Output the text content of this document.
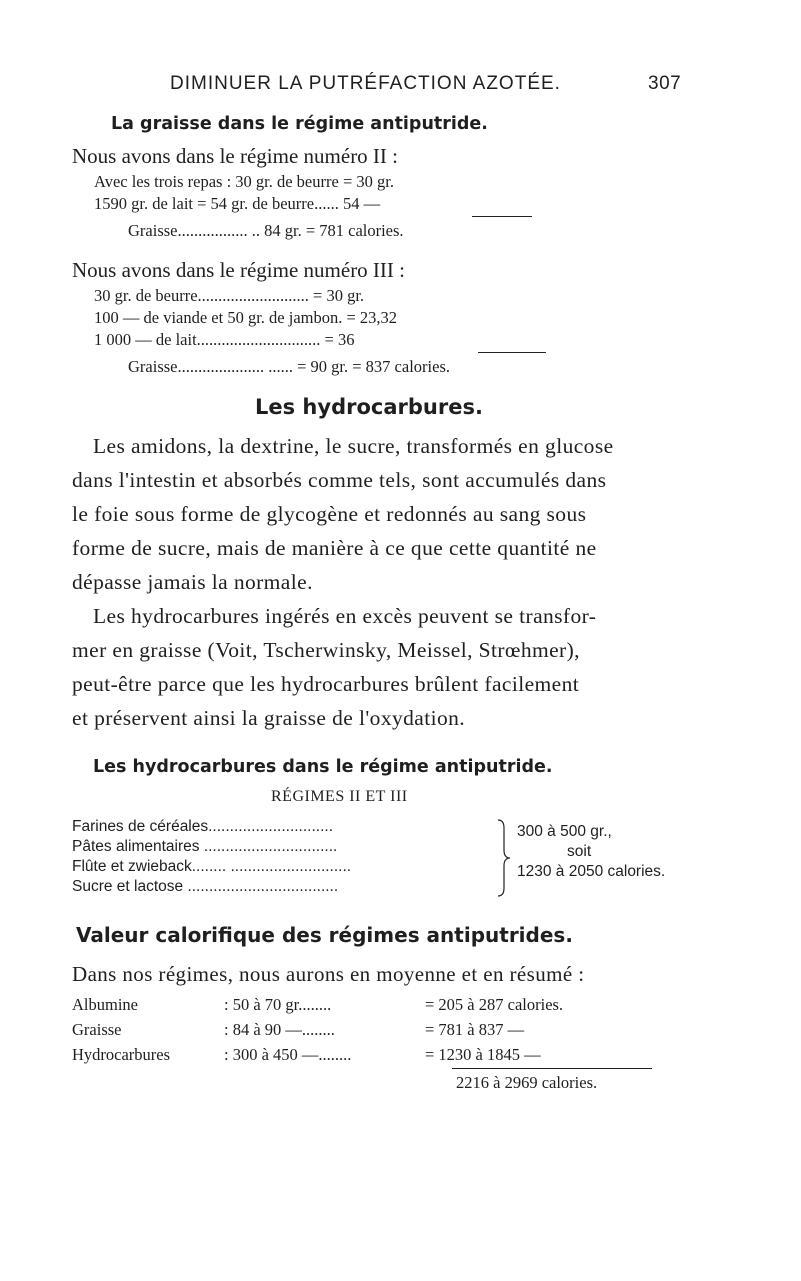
DIMINUER LA PUTRÉFACTION AZOTÉE.	307
La graisse dans le régime antiputride.
Nous avons dans le régime numéro II :
Avec les trois repas : 30 gr. de beurre = 30 gr.
1590 gr. de lait = 54 gr. de beurre...... 54 —
Graisse................. .. 84 gr. = 781 calories.
Nous avons dans le régime numéro III :
30 gr. de beurre........................... = 30 gr.
100 — de viande et 50 gr. de jambon. = 23,32
1 000 — de lait.............................. = 36
Graisse..................... ...... = 90 gr. = 837 calories.
Les hydrocarbures.
Les amidons, la dextrine, le sucre, transformés en glucose
dans l'intestin et absorbés comme tels, sont accumulés dans
le foie sous forme de glycogène et redonnés au sang sous
forme de sucre, mais de manière à ce que cette quantité ne
dépasse jamais la normale.
Les hydrocarbures ingérés en excès peuvent se transfor-
mer en graisse (Voit, Tscherwinsky, Meissel, Strœhmer),
peut-être parce que les hydrocarbures brûlent facilement
et préservent ainsi la graisse de l'oxydation.
Les hydrocarbures dans le régime antiputride.
RÉGIMES II ET III
Farines de céréales.............................
Pâtes alimentaires ...............................
Flûte et zwieback........ ............................
Sucre et lactose ...................................
300 à 500 gr.,
soit
1230 à 2050 calories.
Valeur calorifique des régimes antiputrides.
Dans nos régimes, nous aurons en moyenne et en résumé :
Albumine	: 50 à 70 gr........	= 205 à 287 calories.
Graisse	: 84 à 90 —........	= 781 à 837 —
Hydrocarbures	: 300 à 450 —........	= 1230 à 1845 —
2216 à 2969 calories.
